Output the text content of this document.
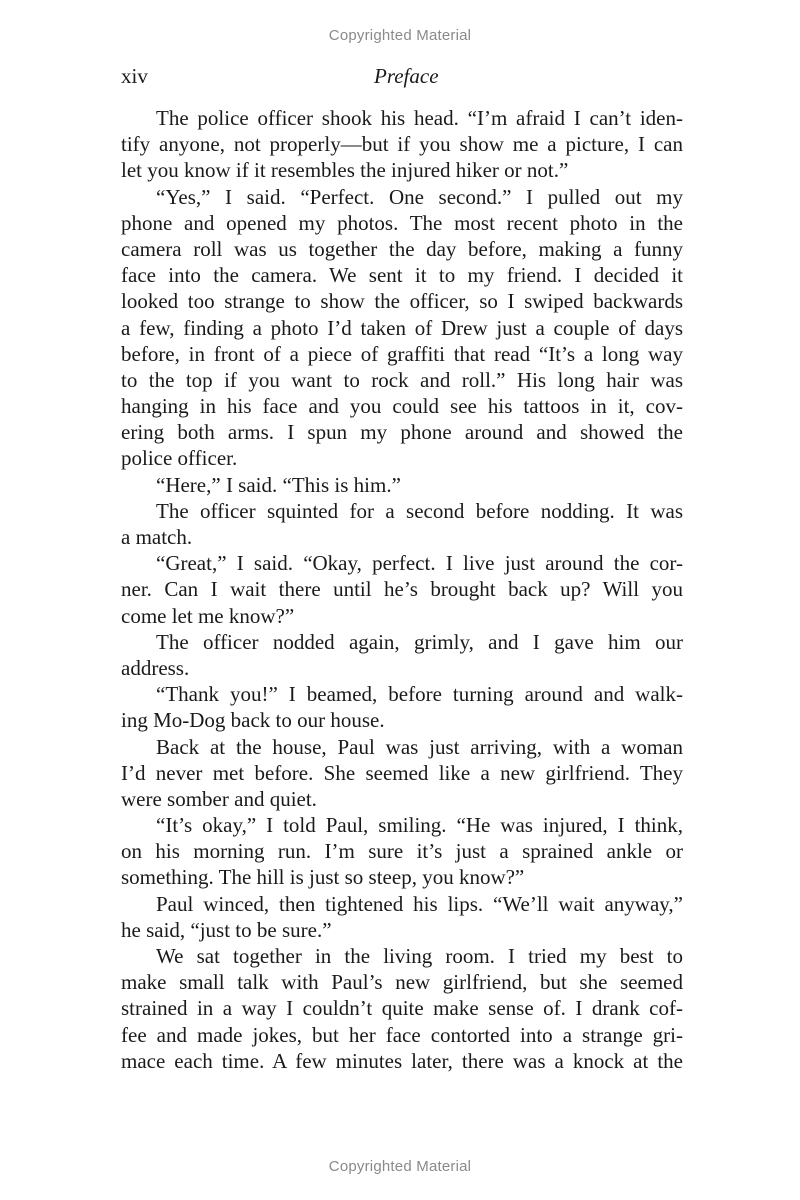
Copyrighted Material
xiv	Preface
The police officer shook his head. “I’m afraid I can’t iden-
tify anyone, not properly—but if you show me a picture, I can
let you know if it resembles the injured hiker or not.”
“Yes,” I said. “Perfect. One second.” I pulled out my
phone and opened my photos. The most recent photo in the
camera roll was us together the day before, making a funny
face into the camera. We sent it to my friend. I decided it
looked too strange to show the officer, so I swiped backwards
a few, finding a photo I’d taken of Drew just a couple of days
before, in front of a piece of graffiti that read “It’s a long way
to the top if you want to rock and roll.” His long hair was
hanging in his face and you could see his tattoos in it, cov-
ering both arms. I spun my phone around and showed the
police officer.
“Here,” I said. “This is him.”
The officer squinted for a second before nodding. It was
a match.
“Great,” I said. “Okay, perfect. I live just around the cor-
ner. Can I wait there until he’s brought back up? Will you
come let me know?”
The officer nodded again, grimly, and I gave him our
address.
“Thank you!” I beamed, before turning around and walk-
ing Mo-Dog back to our house.
Back at the house, Paul was just arriving, with a woman
I’d never met before. She seemed like a new girlfriend. They
were somber and quiet.
“It’s okay,” I told Paul, smiling. “He was injured, I think,
on his morning run. I’m sure it’s just a sprained ankle or
something. The hill is just so steep, you know?”
Paul winced, then tightened his lips. “We’ll wait anyway,”
he said, “just to be sure.”
We sat together in the living room. I tried my best to
make small talk with Paul’s new girlfriend, but she seemed
strained in a way I couldn’t quite make sense of. I drank cof-
fee and made jokes, but her face contorted into a strange gri-
mace each time. A few minutes later, there was a knock at the
Copyrighted Material
